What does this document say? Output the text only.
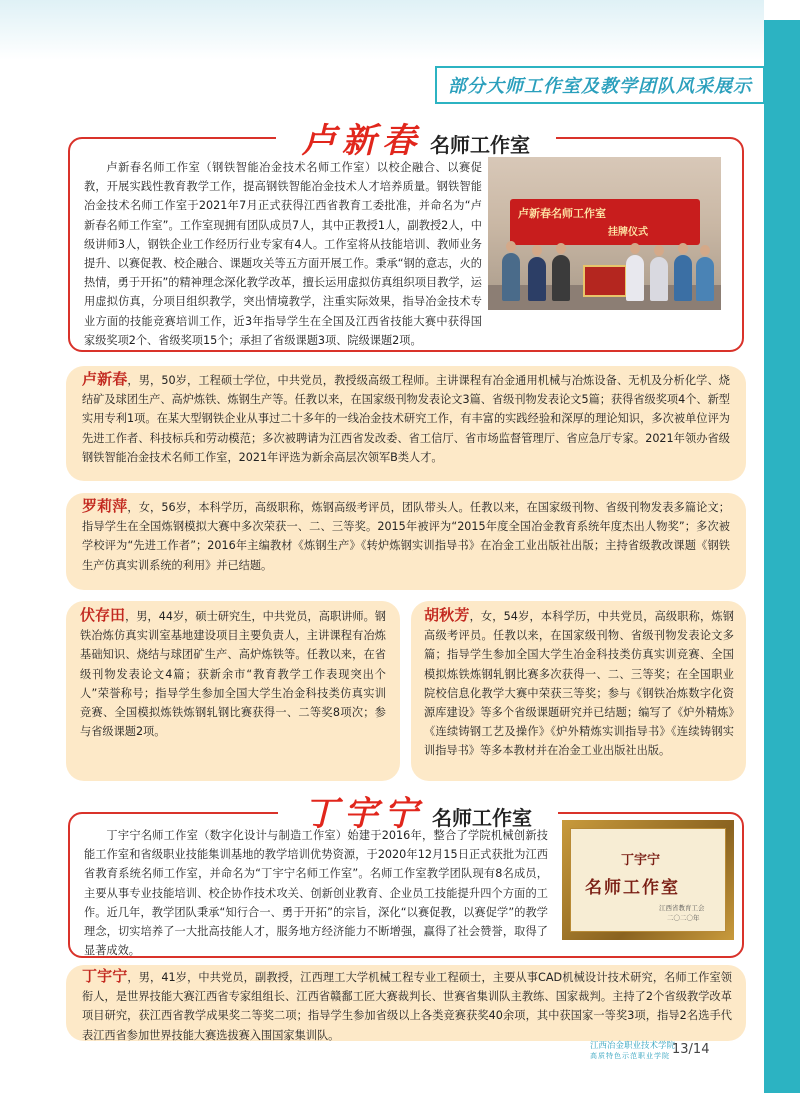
部分大师工作室及教学团队风采展示
卢新春 名师工作室

卢新春名师工作室（钢铁智能冶金技术名师工作室）以校企融合、以赛促教，开展实践性教育教学工作，提高钢铁智能冶金技术人才培养质量。钢铁智能冶金技术名师工作室于2021年7月正式获得江西省教育工委批准，并命名为“卢新春名师工作室”。工作室现拥有团队成员7人，其中正教授1人，副教授2人，中级讲师3人，钢铁企业工作经历行业专家有4人。工作室将从技能培训、教师业务提升、以赛促教、校企融合、课题攻关等五方面开展工作。秉承“钢的意志，火的热情，勇于开拓”的精神理念深化教学改革，擅长运用虚拟仿真组织项目教学，运用虚拟仿真，分项目组织教学，突出情境教学，注重实际效果，指导冶金技术专业方面的技能竞赛培训工作，近3年指导学生在全国及江西省技能大赛中获得国家级奖项2个、省级奖项15个；承担了省级课题3项、院级课题2项。

卢新春名师工作室
挂牌仪式
卢新春，男，50岁，工程硕士学位，中共党员，教授级高级工程师。主讲课程有冶金通用机械与冶炼设备、无机及分析化学、烧结矿及球团生产、高炉炼铁、炼钢生产等。任教以来，在国家级刊物发表论文3篇、省级刊物发表论文5篇；获得省级奖项4个、新型实用专利1项。在某大型钢铁企业从事过二十多年的一线冶金技术研究工作，有丰富的实践经验和深厚的理论知识，多次被单位评为先进工作者、科技标兵和劳动模范；多次被聘请为江西省发改委、省工信厅、省市场监督管理厅、省应急厅专家。2021年领办省级钢铁智能冶金技术名师工作室，2021年评选为新余高层次领军B类人才。
罗莉萍，女，56岁，本科学历，高级职称，炼钢高级考评员，团队带头人。任教以来，在国家级刊物、省级刊物发表多篇论文；指导学生在全国炼钢模拟大赛中多次荣获一、二、三等奖。2015年被评为“2015年度全国冶金教育系统年度杰出人物奖”；多次被学校评为“先进工作者”；2016年主编教材《炼钢生产》《转炉炼钢实训指导书》在冶金工业出版社出版；主持省级教改课题《钢铁生产仿真实训系统的利用》并已结题。
伏存田，男，44岁，硕士研究生，中共党员，高职讲师。钢铁冶炼仿真实训室基地建设项目主要负责人，主讲课程有冶炼基础知识、烧结与球团矿生产、高炉炼铁等。任教以来，在省级刊物发表论文4篇；获新余市“教育教学工作表现突出个人”荣誉称号；指导学生参加全国大学生冶金科技类仿真实训竞赛、全国模拟炼铁炼钢轧钢比赛获得一、二等奖8项次；参与省级课题2项。
胡秋芳，女，54岁，本科学历，中共党员，高级职称，炼钢高级考评员。任教以来，在国家级刊物、省级刊物发表论文多篇；指导学生参加全国大学生冶金科技类仿真实训竞赛、全国模拟炼铁炼钢轧钢比赛多次获得一、二、三等奖；在全国职业院校信息化教学大赛中荣获三等奖；参与《钢铁冶炼数字化资源库建设》等多个省级课题研究并已结题；编写了《炉外精炼》《连续铸钢工艺及操作》《炉外精炼实训指导书》《连续铸钢实训指导书》等多本教材并在冶金工业出版社出版。
丁宇宁 名师工作室

丁宇宁名师工作室（数字化设计与制造工作室）始建于2016年，整合了学院机械创新技能工作室和省级职业技能集训基地的教学培训优势资源，于2020年12月15日正式获批为江西省教育系统名师工作室，并命名为“丁宇宁名师工作室”。名师工作室教学团队现有8名成员，主要从事专业技能培训、校企协作技术攻关、创新创业教育、企业员工技能提升四个方面的工作。近几年，教学团队秉承“知行合一、勇于开拓”的宗旨，深化“以赛促教，以赛促学”的教学理念，切实培养了一大批高技能人才，服务地方经济能力不断增强，赢得了社会赞誉，取得了显著成效。

丁宇宁
名师工作室
江西省教育工会
二〇二〇年
丁宇宁，男，41岁，中共党员，副教授，江西理工大学机械工程专业工程硕士，主要从事CAD机械设计技术研究，名师工作室领衔人，是世界技能大赛江西省专家组组长、江西省赣鄱工匠大赛裁判长、世赛省集训队主教练、国家裁判。主持了2个省级教学改革项目研究，获江西省教学成果奖二等奖二项；指导学生参加省级以上各类竞赛获奖40余项，其中获国家一等奖3项，指导2名选手代表江西省参加世界技能大赛选拔赛入围国家集训队。
江西冶金职业技术学院
高质特色示范职业学院 13/14
